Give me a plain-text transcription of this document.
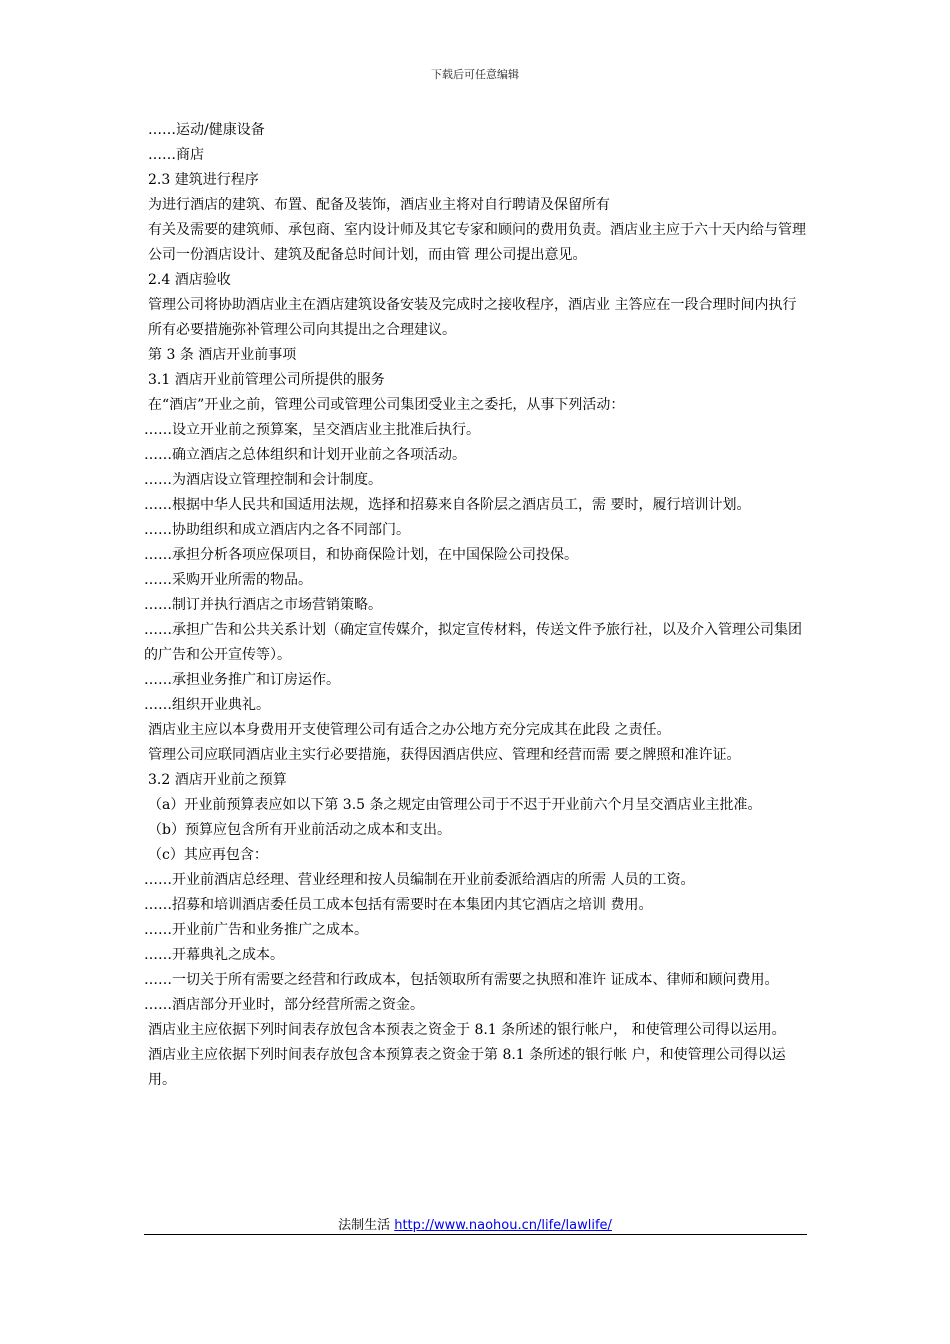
下载后可任意编辑

……运动/健康设备

……商店

2.3 建筑进行程序

为进行酒店的建筑、布置、配备及装饰，酒店业主将对自行聘请及保留所有

有关及需要的建筑师、承包商、室内设计师及其它专家和顾问的费用负责。酒店业主应于六十天内给与管理公司一份酒店设计、建筑及配备总时间计划，而由管 理公司提出意见。

2.4 酒店验收

管理公司将协助酒店业主在酒店建筑设备安装及完成时之接收程序，酒店业 主答应在一段合理时间内执行所有必要措施弥补管理公司向其提出之合理建议。

第 3 条 酒店开业前事项

3.1 酒店开业前管理公司所提供的服务

在“酒店”开业之前，管理公司或管理公司集团受业主之委托，从事下列活动：

……设立开业前之预算案，呈交酒店业主批准后执行。

……确立酒店之总体组织和计划开业前之各项活动。

……为酒店设立管理控制和会计制度。

……根据中华人民共和国适用法规，选择和招募来自各阶层之酒店员工，需 要时，履行培训计划。

……协助组织和成立酒店内之各不同部门。

……承担分析各项应保项目，和协商保险计划，在中国保险公司投保。

……采购开业所需的物品。

……制订并执行酒店之市场营销策略。

……承担广告和公共关系计划（确定宣传媒介，拟定宣传材料，传送文件予旅行社，以及介入管理公司集团的广告和公开宣传等）。

……承担业务推广和订房运作。

……组织开业典礼。

酒店业主应以本身费用开支使管理公司有适合之办公地方充分完成其在此段 之责任。

管理公司应联同酒店业主实行必要措施，获得因酒店供应、管理和经营而需 要之牌照和准许证。

3.2 酒店开业前之预算

（a）开业前预算表应如以下第 3.5 条之规定由管理公司于不迟于开业前六个月呈交酒店业主批准。

（b）预算应包含所有开业前活动之成本和支出。

（c）其应再包含：

……开业前酒店总经理、营业经理和按人员编制在开业前委派给酒店的所需 人员的工资。

……招募和培训酒店委任员工成本包括有需要时在本集团内其它酒店之培训 费用。

……开业前广告和业务推广之成本。

……开幕典礼之成本。

……一切关于所有需要之经营和行政成本，包括领取所有需要之执照和准许 证成本、律师和顾问费用。

……酒店部分开业时，部分经营所需之资金。

酒店业主应依据下列时间表存放包含本预表之资金于 8.1 条所述的银行帐户， 和使管理公司得以运用。

酒店业主应依据下列时间表存放包含本预算表之资金于第 8.1 条所述的银行帐 户，和使管理公司得以运用。

法制生活 http://www.naohou.cn/life/lawlife/
